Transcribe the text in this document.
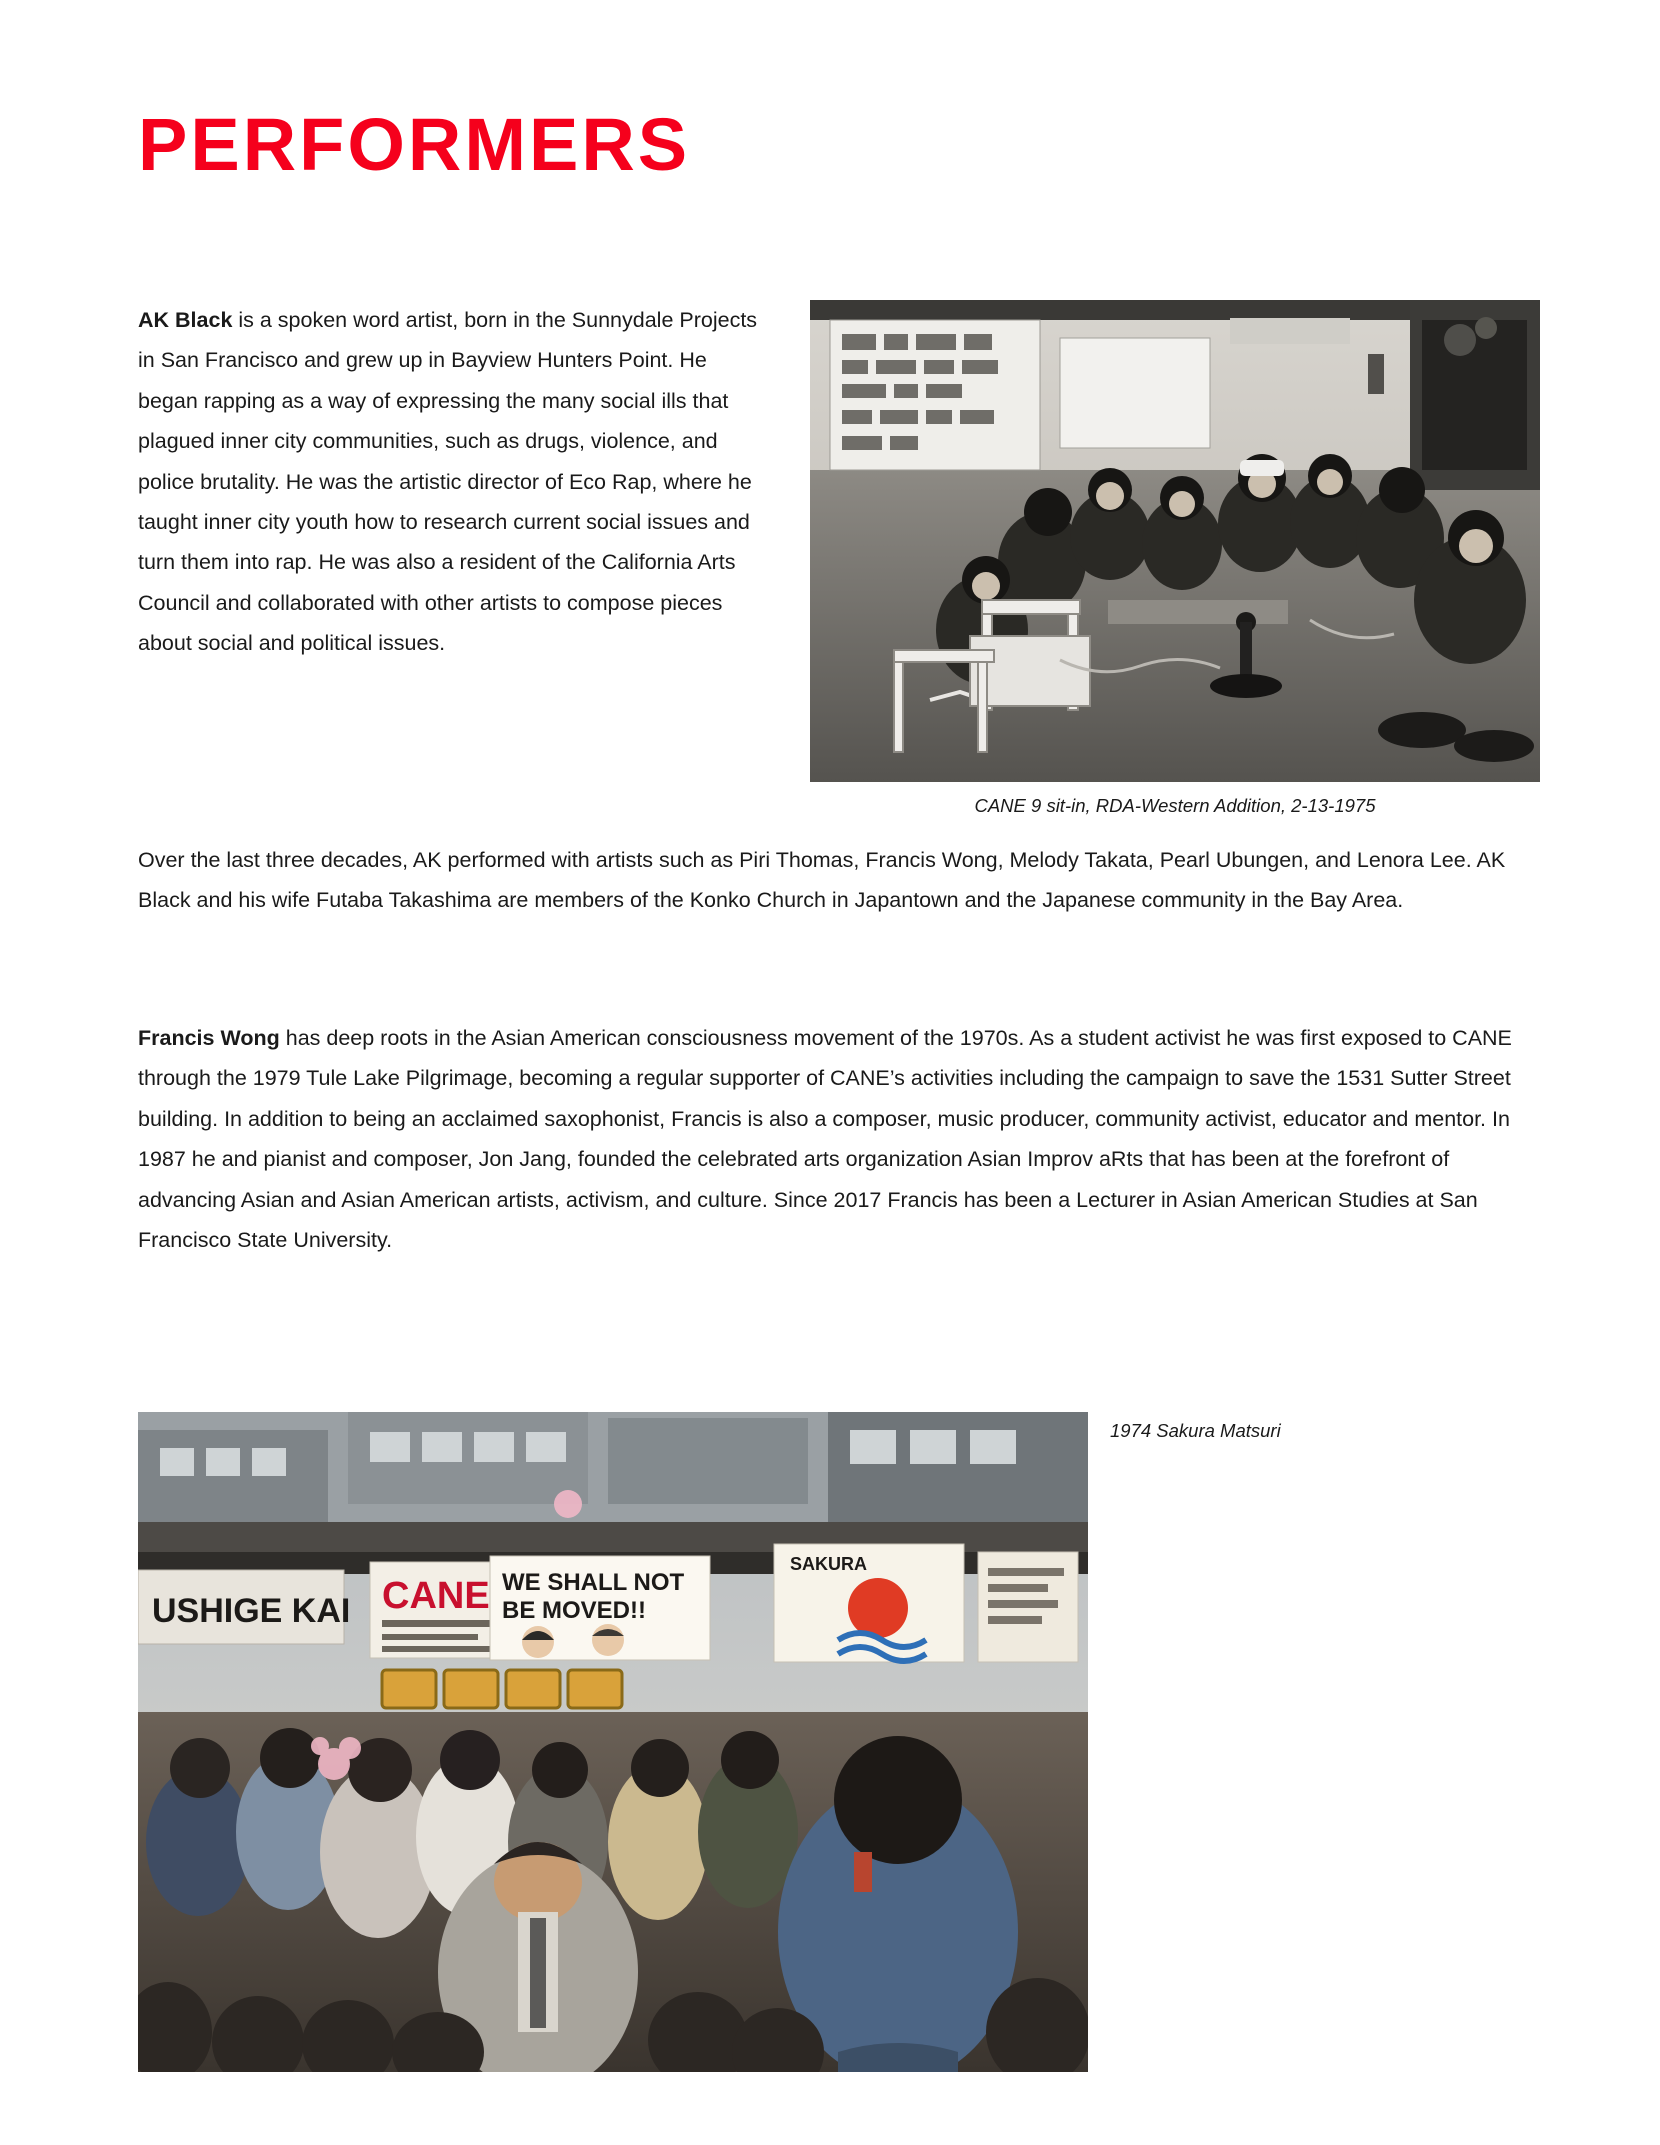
PERFORMERS
AK Black is a spoken word artist, born in the Sunnydale Projects in San Francisco and grew up in Bayview Hunters Point. He began rapping as a way of expressing the many social ills that plagued inner city communities, such as drugs, violence, and police brutality. He was the artistic director of Eco Rap, where he taught inner city youth how to research current social issues and turn them into rap. He was also a resident of the California Arts Council and collaborated with other artists to compose pieces about social and political issues.
CANE 9 sit-in, RDA-Western Addition, 2-13-1975
Over the last three decades, AK performed with artists such as Piri Thomas, Francis Wong, Melody Takata, Pearl Ubungen, and Lenora Lee. AK Black and his wife Futaba Takashima are members of the Konko Church in Japantown and the Japanese community in the Bay Area.
Francis Wong has deep roots in the Asian American consciousness movement of the 1970s. As a student activist he was first exposed to CANE through the 1979 Tule Lake Pilgrimage, becoming a regular supporter of CANE’s activities including the campaign to save the 1531 Sutter Street building. In addition to being an acclaimed saxophonist, Francis is also a composer, music producer, community activist, educator and mentor. In 1987 he and pianist and composer, Jon Jang, founded the celebrated arts organization Asian Improv aRts that has been at the forefront of advancing Asian and Asian American artists, activism, and culture. Since 2017 Francis has been a Lecturer in Asian American Studies at San Francisco State University.
USHIGE KAI CANE WE SHALL NOT
BE MOVED!!
SAKURA
1974 Sakura Matsuri
